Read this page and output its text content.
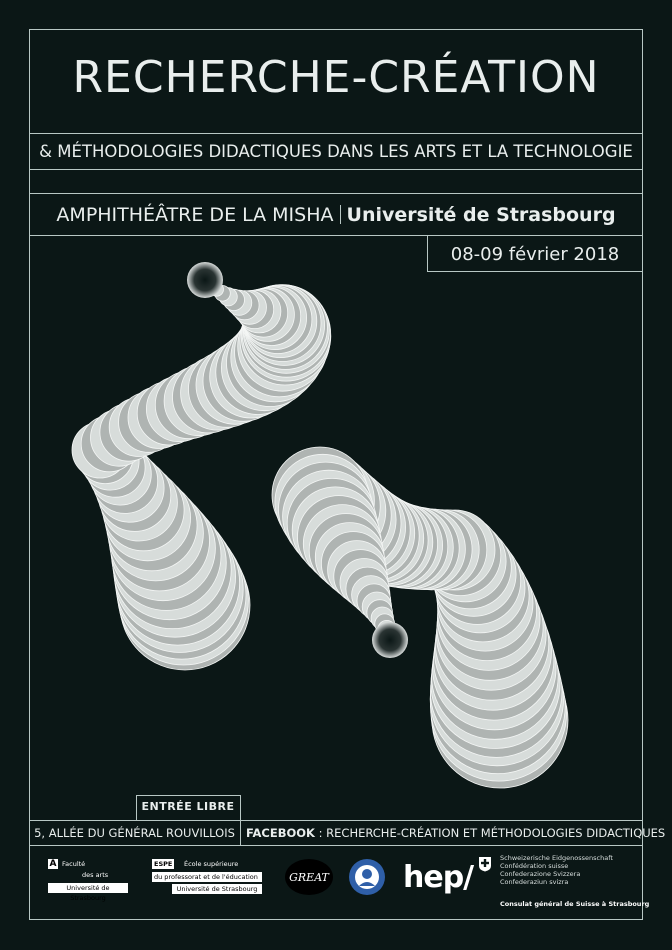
RECHERCHE-CRÉATION
& MÉTHODOLOGIES DIDACTIQUES DANS LES ARTS ET LA TECHNOLOGIE
AMPHITHÉÂTRE DE LA MISHA Université de Strasbourg
08-09 février 2018
ENTRÉE LIBRE
5, ALLÉE DU GÉNÉRAL ROUVILLOIS FACEBOOK : RECHERCHE-CRÉATION ET MÉTHODOLOGIES DIDACTIQUES
A Faculté
des arts
Université de Strasbourg
ESPE	École supérieure
du professorat et de l'éducation
Université de Strasbourg
GREAT hep/
Schweizerische Eidgenossenschaft
Confédération suisse
Confederazione Svizzera
Confederaziun svizra
Consulat général de Suisse à Strasbourg
